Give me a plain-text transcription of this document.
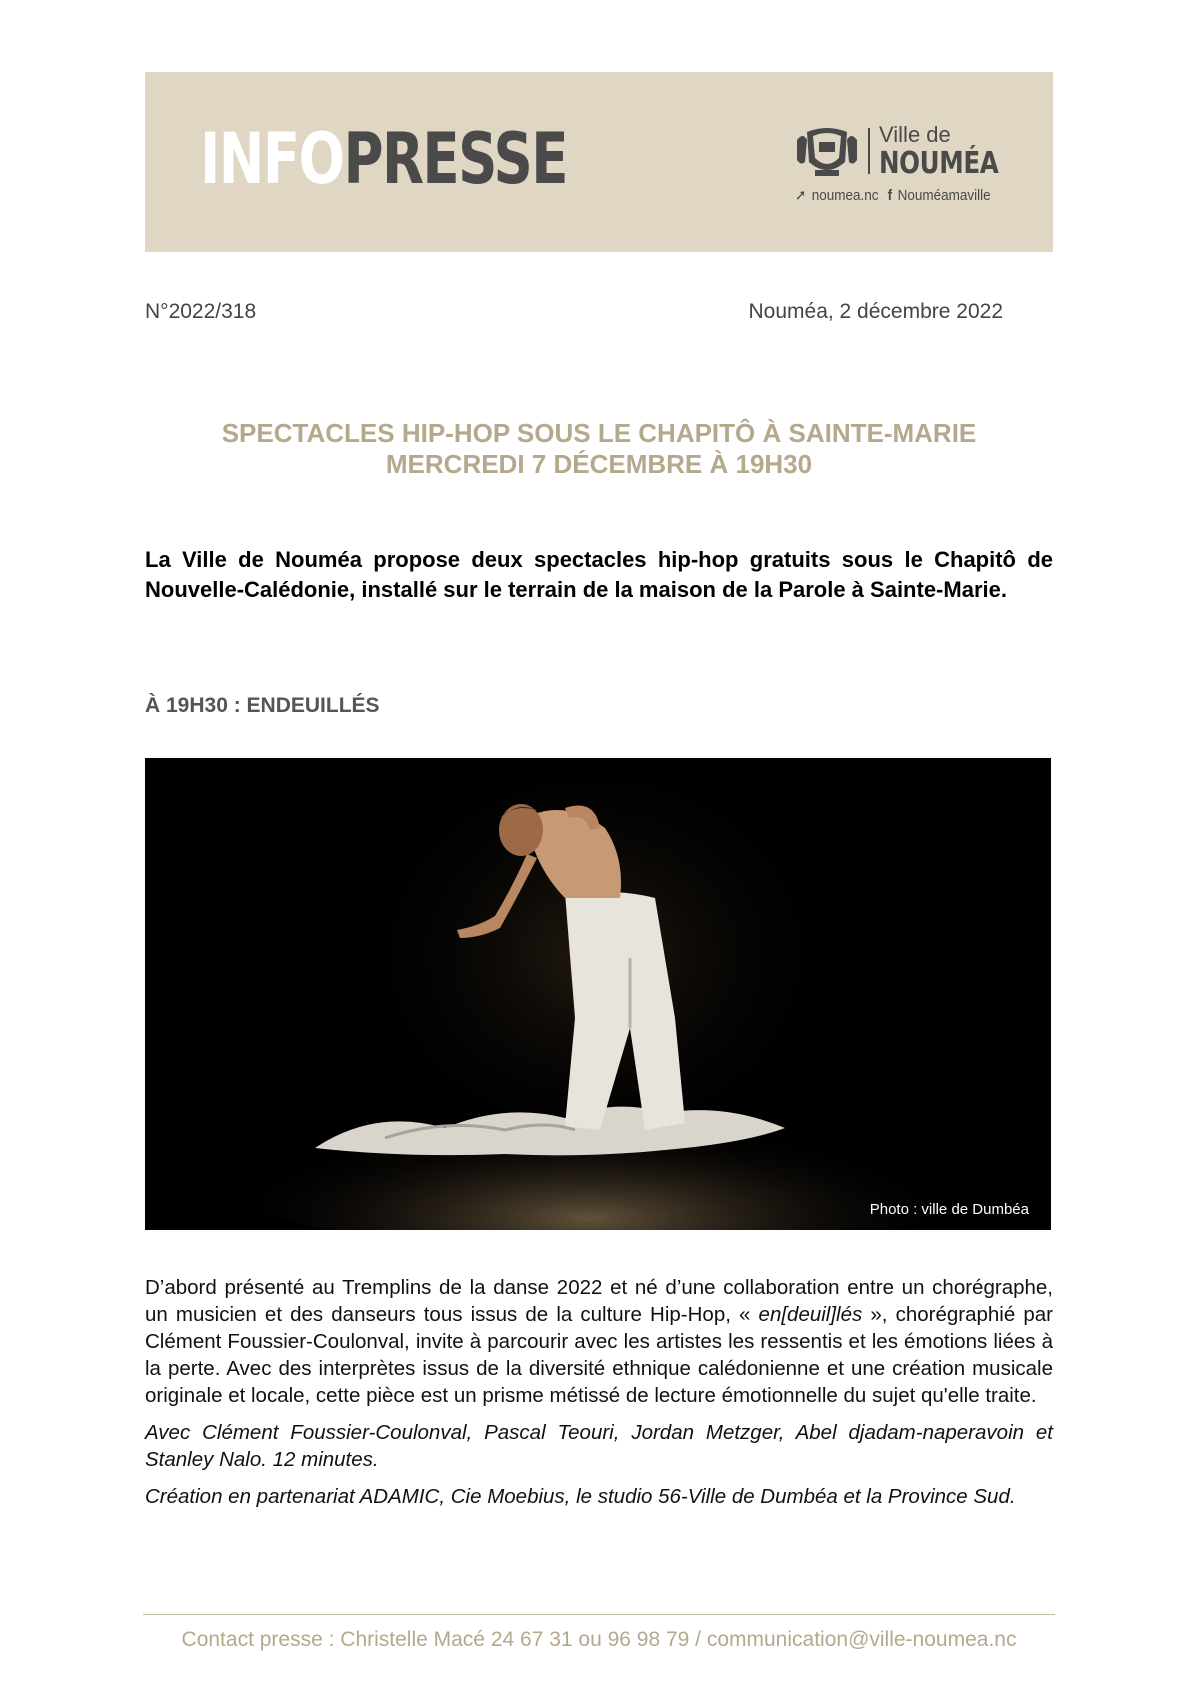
INFOPRESSE	Ville de
NOUMÉA
➚ noumea.nc f Nouméamaville
N°2022/318	Nouméa, 2 décembre 2022
SPECTACLES HIP-HOP SOUS LE CHAPITÔ À SAINTE-MARIE
MERCREDI 7 DÉCEMBRE À 19H30
La Ville de Nouméa propose deux spectacles hip-hop gratuits sous le Chapitô de Nouvelle-Calédonie, installé sur le terrain de la maison de la Parole à Sainte-Marie.
À 19H30 : ENDEUILLÉS
Photo : ville de Dumbéa

D’abord présenté au Tremplins de la danse 2022 et né d’une collaboration entre un chorégraphe, un musicien et des danseurs tous issus de la culture Hip-Hop, « en[deuil]lés », chorégraphié par Clément Foussier-Coulonval, invite à parcourir avec les artistes les ressentis et les émotions liées à la perte. Avec des interprètes issus de la diversité ethnique calédonienne et une création musicale originale et locale, cette pièce est un prisme métissé de lecture émotionnelle du sujet qu'elle traite.

Avec Clément Foussier-Coulonval, Pascal Teouri, Jordan Metzger, Abel djadam-naperavoin et Stanley Nalo. 12 minutes.

Création en partenariat ADAMIC, Cie Moebius, le studio 56-Ville de Dumbéa et la Province Sud.

Contact presse : Christelle Macé 24 67 31 ou 96 98 79 / communication@ville-noumea.nc
